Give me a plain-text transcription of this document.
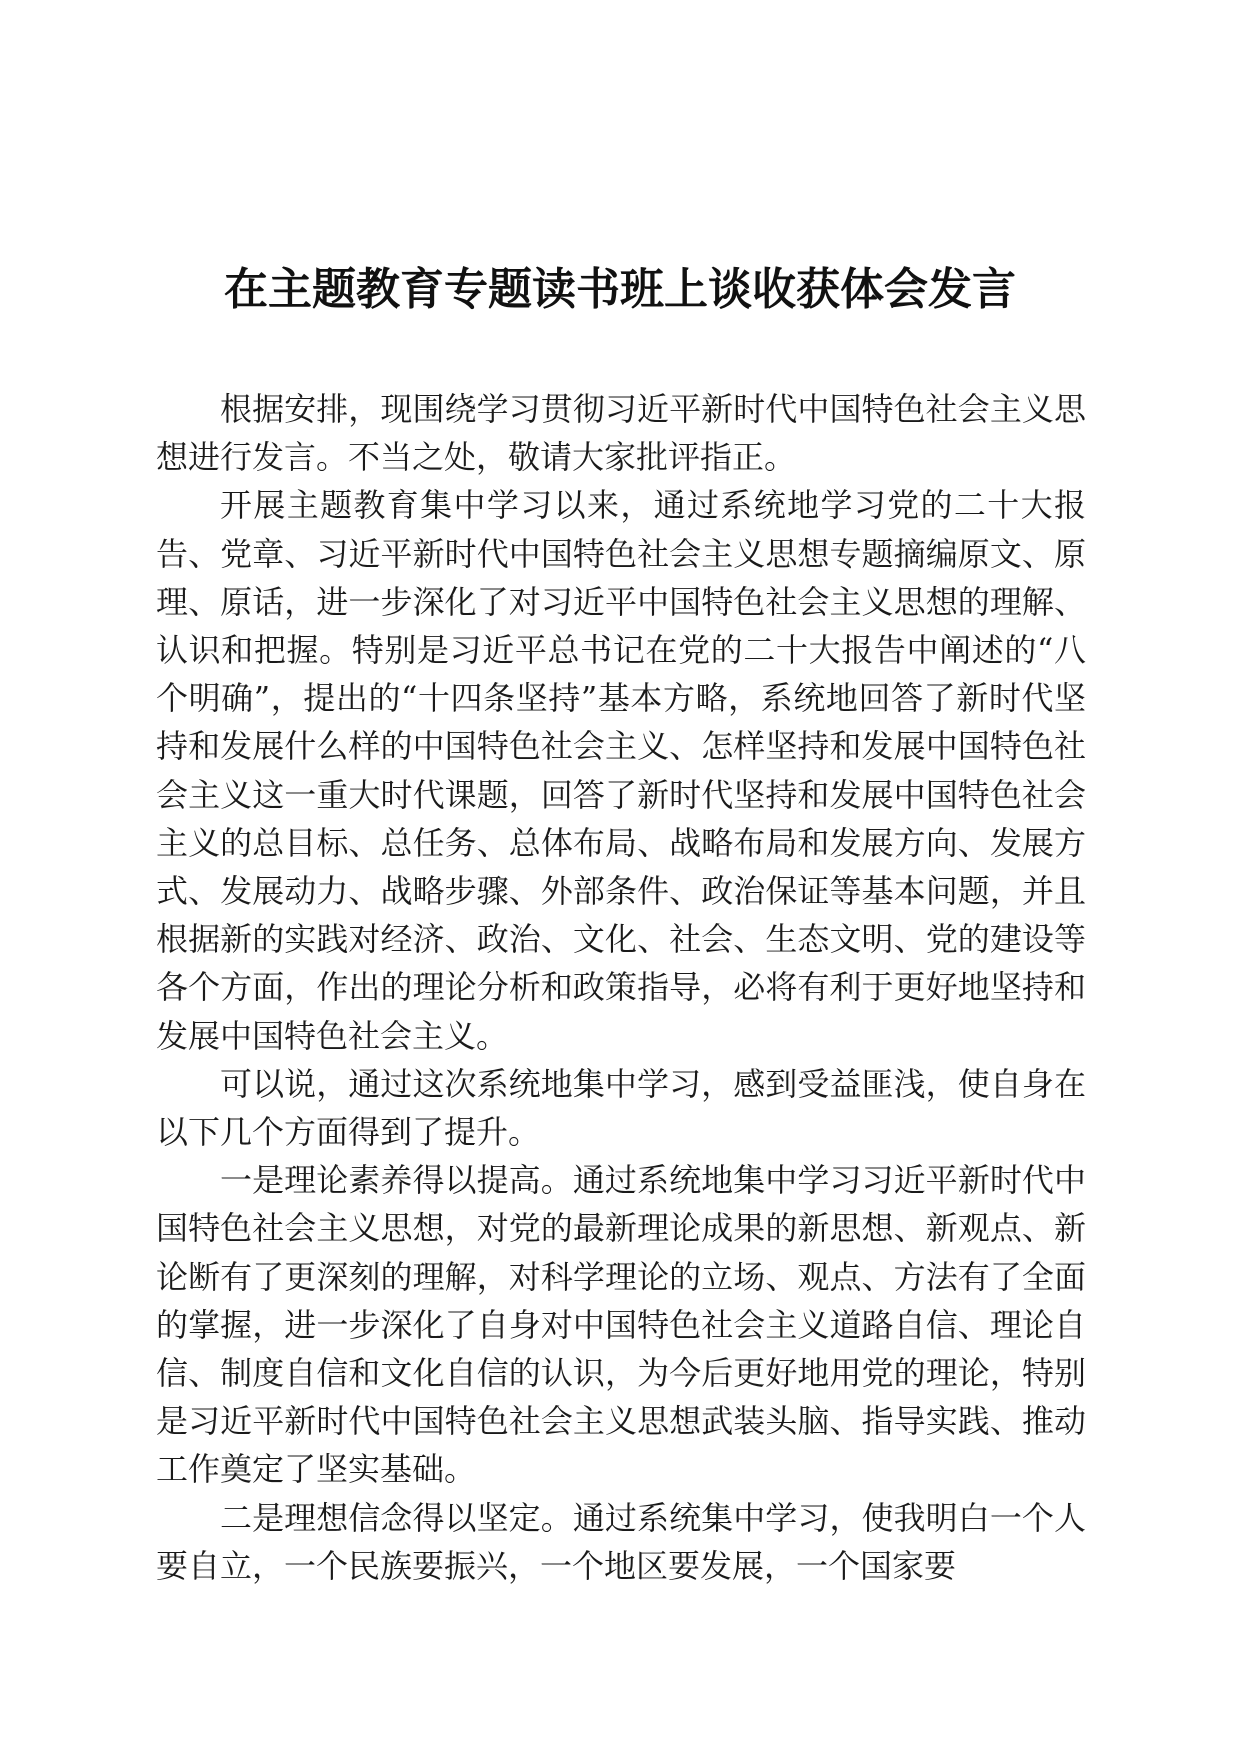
在主题教育专题读书班上谈收获体会发言

根据安排，现围绕学习贯彻习近平新时代中国特色社会主义思想进行发言。不当之处，敬请大家批评指正。

开展主题教育集中学习以来，通过系统地学习党的二十大报告、党章、习近平新时代中国特色社会主义思想专题摘编原文、原理、原话，进一步深化了对习近平中国特色社会主义思想的理解、认识和把握。特别是习近平总书记在党的二十大报告中阐述的“八个明确”，提出的“十四条坚持”基本方略，系统地回答了新时代坚持和发展什么样的中国特色社会主义、怎样坚持和发展中国特色社会主义这一重大时代课题，回答了新时代坚持和发展中国特色社会主义的总目标、总任务、总体布局、战略布局和发展方向、发展方式、发展动力、战略步骤、外部条件、政治保证等基本问题，并且根据新的实践对经济、政治、文化、社会、生态文明、党的建设等各个方面，作出的理论分析和政策指导，必将有利于更好地坚持和发展中国特色社会主义。

可以说，通过这次系统地集中学习，感到受益匪浅，使自身在以下几个方面得到了提升。

一是理论素养得以提高。通过系统地集中学习习近平新时代中国特色社会主义思想，对党的最新理论成果的新思想、新观点、新论断有了更深刻的理解，对科学理论的立场、观点、方法有了全面的掌握，进一步深化了自身对中国特色社会主义道路自信、理论自信、制度自信和文化自信的认识，为今后更好地用党的理论，特别是习近平新时代中国特色社会主义思想武装头脑、指导实践、推动工作奠定了坚实基础。

二是理想信念得以坚定。通过系统集中学习，使我明白一个人要自立，一个民族要振兴，一个地区要发展，一个国家要
